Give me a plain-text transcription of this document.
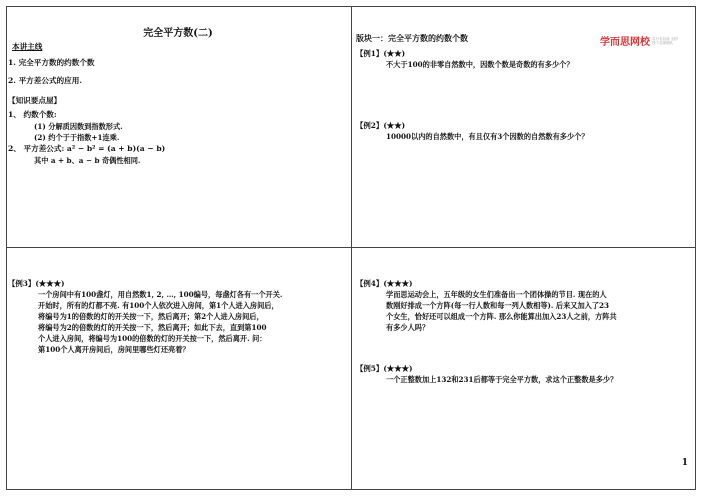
完全平方数(二)
本讲主线
1. 完全平方数的约数个数
2. 平方差公式的应用.
【知识要点屋】
1、 约数个数:
(1) 分解质因数到指数形式.
(2) 约个于于指数+1连乘.
2、 平方差公式: a² − b² = (a + b)(a − b)
其中 a + b、a − b 奇偶性相同.
版块一：完全平方数的约数个数	学而思网校 名行名信前 全国线下名师团队
【例1】(★★)
不大于100的非零自然数中，因数个数是奇数的有多少个？
【例2】(★★)
10000以内的自然数中，有且仅有3个因数的自然数有多少个？
【例3】(★★★)
一个房间中有100盏灯，用自然数1, 2, …, 100编号，每盏灯各有一个开关.
开始时，所有的灯都不亮. 有100个人依次进入房间，第1个人进入房间后，
将编号为1的倍数的灯的开关按一下，然后离开；第2个人进入房间后，
将编号为2的倍数的灯的开关按一下，然后离开；如此下去，直到第100
个人进入房间，将编号为100的倍数的灯的开关按一下，然后离开. 问：
第100个人离开房间后，房间里哪些灯还亮着？
【例4】(★★★)
学而思运动会上，五年级的女生们准备出一个团体操的节目. 现在的人
数刚好排成一个方阵(每一行人数和每一列人数相等). 后来又加入了23
个女生，恰好还可以组成一个方阵. 那么你能算出加入23人之前，方阵共
有多少人吗？
【例5】(★★★)
一个正整数加上132和231后都等于完全平方数，求这个正整数是多少？
1
